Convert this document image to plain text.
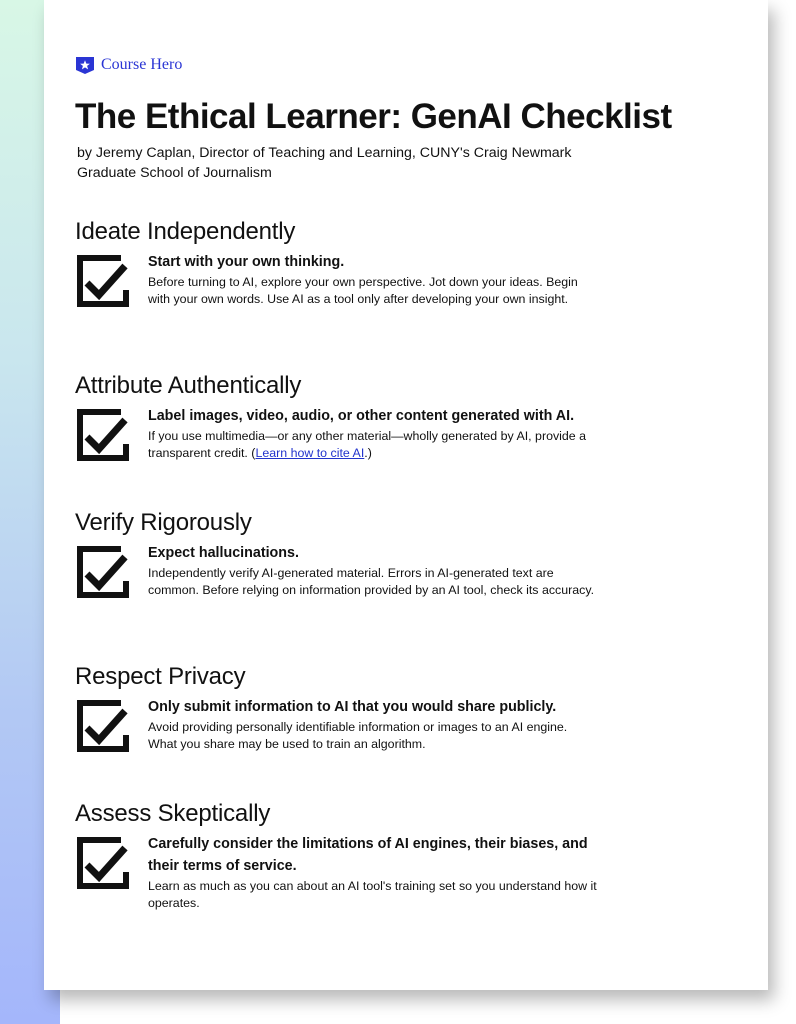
Course Hero
The Ethical Learner: GenAI Checklist
by Jeremy Caplan, Director of Teaching and Learning, CUNY's Craig Newmark
Graduate School of Journalism
Ideate Independently
Start with your own thinking.
Before turning to AI, explore your own perspective. Jot down your ideas. Begin with your own words. Use AI as a tool only after developing your own insight.
Attribute Authentically
Label images, video, audio, or other content generated with AI.
If you use multimedia—or any other material—wholly generated by AI, provide a transparent credit. (Learn how to cite AI.)
Verify Rigorously
Expect hallucinations.
Independently verify AI-generated material. Errors in AI-generated text are common. Before relying on information provided by an AI tool, check its accuracy.
Respect Privacy
Only submit information to AI that you would share publicly.
Avoid providing personally identifiable information or images to an AI engine. What you share may be used to train an algorithm.
Assess Skeptically
Carefully consider the limitations of AI engines, their biases, and their terms of service.
Learn as much as you can about an AI tool's training set so you understand how it operates.
